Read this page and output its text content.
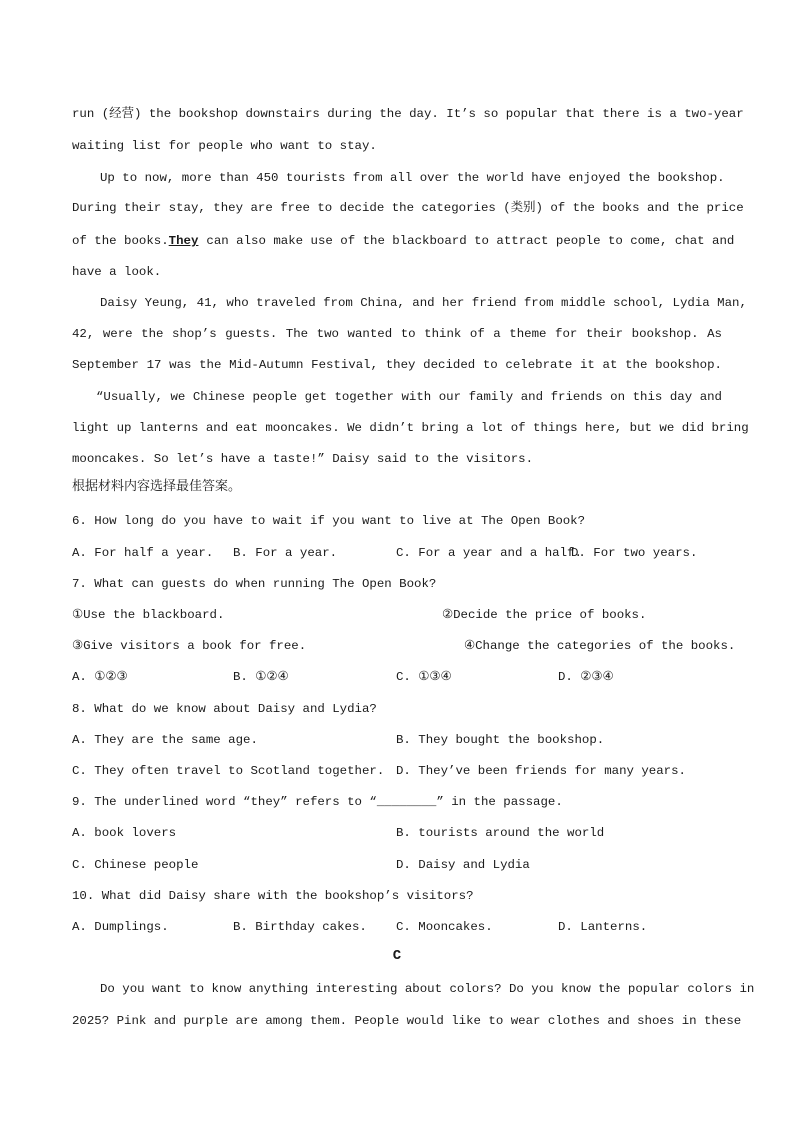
run (经营) the bookshop downstairs during the day. It’s so popular that there is a two-year
waiting list for people who want to stay.
Up to now, more than 450 tourists from all over the world have enjoyed the bookshop.
During their stay, they are free to decide the categories (类别) of the books and the price
of the books. They can also make use of the blackboard to attract people to come, chat and
have a look.
Daisy Yeung, 41, who traveled from China, and her friend from middle school, Lydia Man,
42, were the shop’s guests. The two wanted to think of a theme for their bookshop. As
September 17 was the Mid-Autumn Festival, they decided to celebrate it at the bookshop.
“Usually, we Chinese people get together with our family and friends on this day and
light up lanterns and eat mooncakes. We didn’t bring a lot of things here, but we did bring
mooncakes. So let’s have a taste!” Daisy said to the visitors.
根据材料内容选择最佳答案。
6. How long do you have to wait if you want to live at The Open Book?
A. For half a year. B. For a year.	C. For a year and a half.
D. For two years.
7. What can guests do when running The Open Book?
①Use the blackboard.	②Decide the price of books.
③Give visitors a book for free.	④Change the categories of the books.
A. ①②③	B. ①②④	C. ①③④	D. ②③④
8. What do we know about Daisy and Lydia?
A. They are the same age.	B. They bought the bookshop.
C. They often travel to Scotland together. D. They’ve been friends for many years.
9. The underlined word “they” refers to “________” in the passage.
A. book lovers	B. tourists around the world
C. Chinese people	D. Daisy and Lydia
10. What did Daisy share with the bookshop’s visitors?
A. Dumplings.	B. Birthday cakes. C. Mooncakes.	D. Lanterns.
C
Do you want to know anything interesting about colors? Do you know the popular colors in
2025? Pink and purple are among them. People would like to wear clothes and shoes in these
